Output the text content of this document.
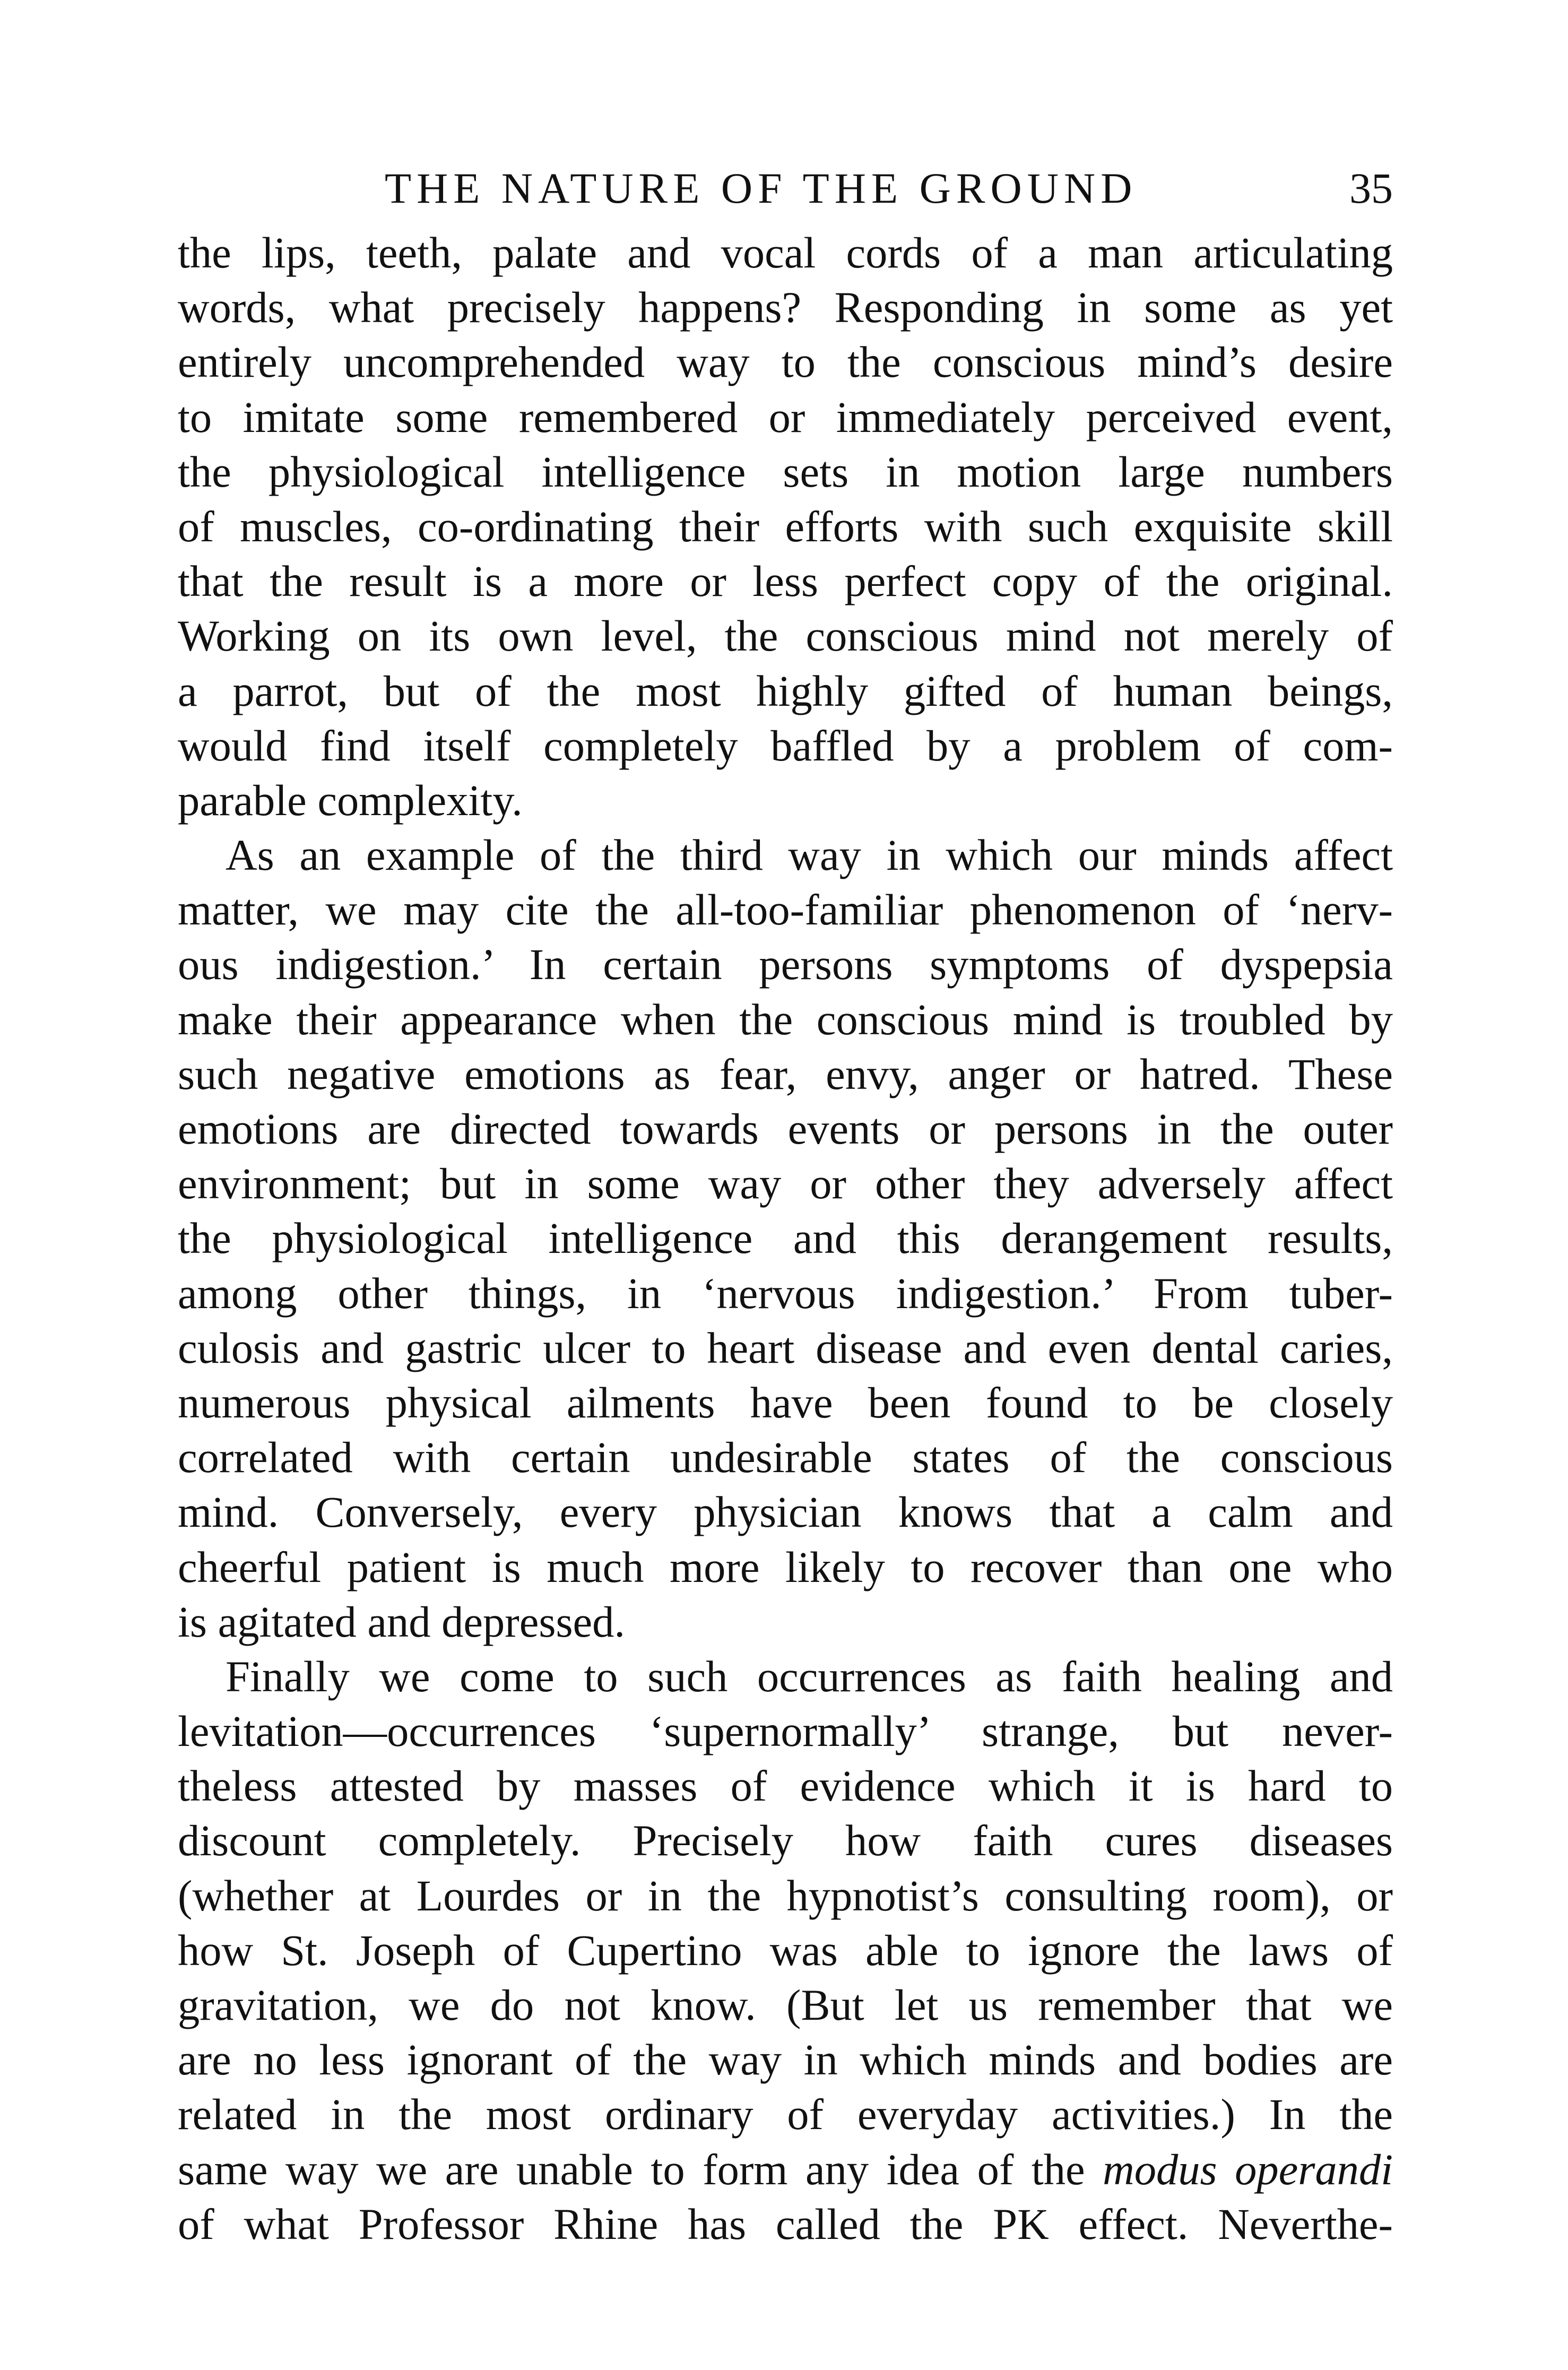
THE NATURE OF THE GROUND	35
the lips, teeth, palate and vocal cords of a man articulating
words, what precisely happens? Responding in some as yet
entirely uncomprehended way to the conscious mind’s desire
to imitate some remembered or immediately perceived event,
the physiological intelligence sets in motion large numbers
of muscles, co-ordinating their efforts with such exquisite skill
that the result is a more or less perfect copy of the original.
Working on its own level, the conscious mind not merely of
a parrot, but of the most highly gifted of human beings,
would find itself completely baffled by a problem of com-
parable complexity.
As an example of the third way in which our minds affect
matter, we may cite the all-too-familiar phenomenon of ‘nerv-
ous indigestion.’ In certain persons symptoms of dyspepsia
make their appearance when the conscious mind is troubled by
such negative emotions as fear, envy, anger or hatred. These
emotions are directed towards events or persons in the outer
environment; but in some way or other they adversely affect
the physiological intelligence and this derangement results,
among other things, in ‘nervous indigestion.’ From tuber-
culosis and gastric ulcer to heart disease and even dental caries,
numerous physical ailments have been found to be closely
correlated with certain undesirable states of the conscious
mind. Conversely, every physician knows that a calm and
cheerful patient is much more likely to recover than one who
is agitated and depressed.
Finally we come to such occurrences as faith healing and
levitation—occurrences ‘supernormally’ strange, but never-
theless attested by masses of evidence which it is hard to
discount completely. Precisely how faith cures diseases
(whether at Lourdes or in the hypnotist’s consulting room), or
how St. Joseph of Cupertino was able to ignore the laws of
gravitation, we do not know. (But let us remember that we
are no less ignorant of the way in which minds and bodies are
related in the most ordinary of everyday activities.) In the
same way we are unable to form any idea of the modus operandi
of what Professor Rhine has called the PK effect. Neverthe-
